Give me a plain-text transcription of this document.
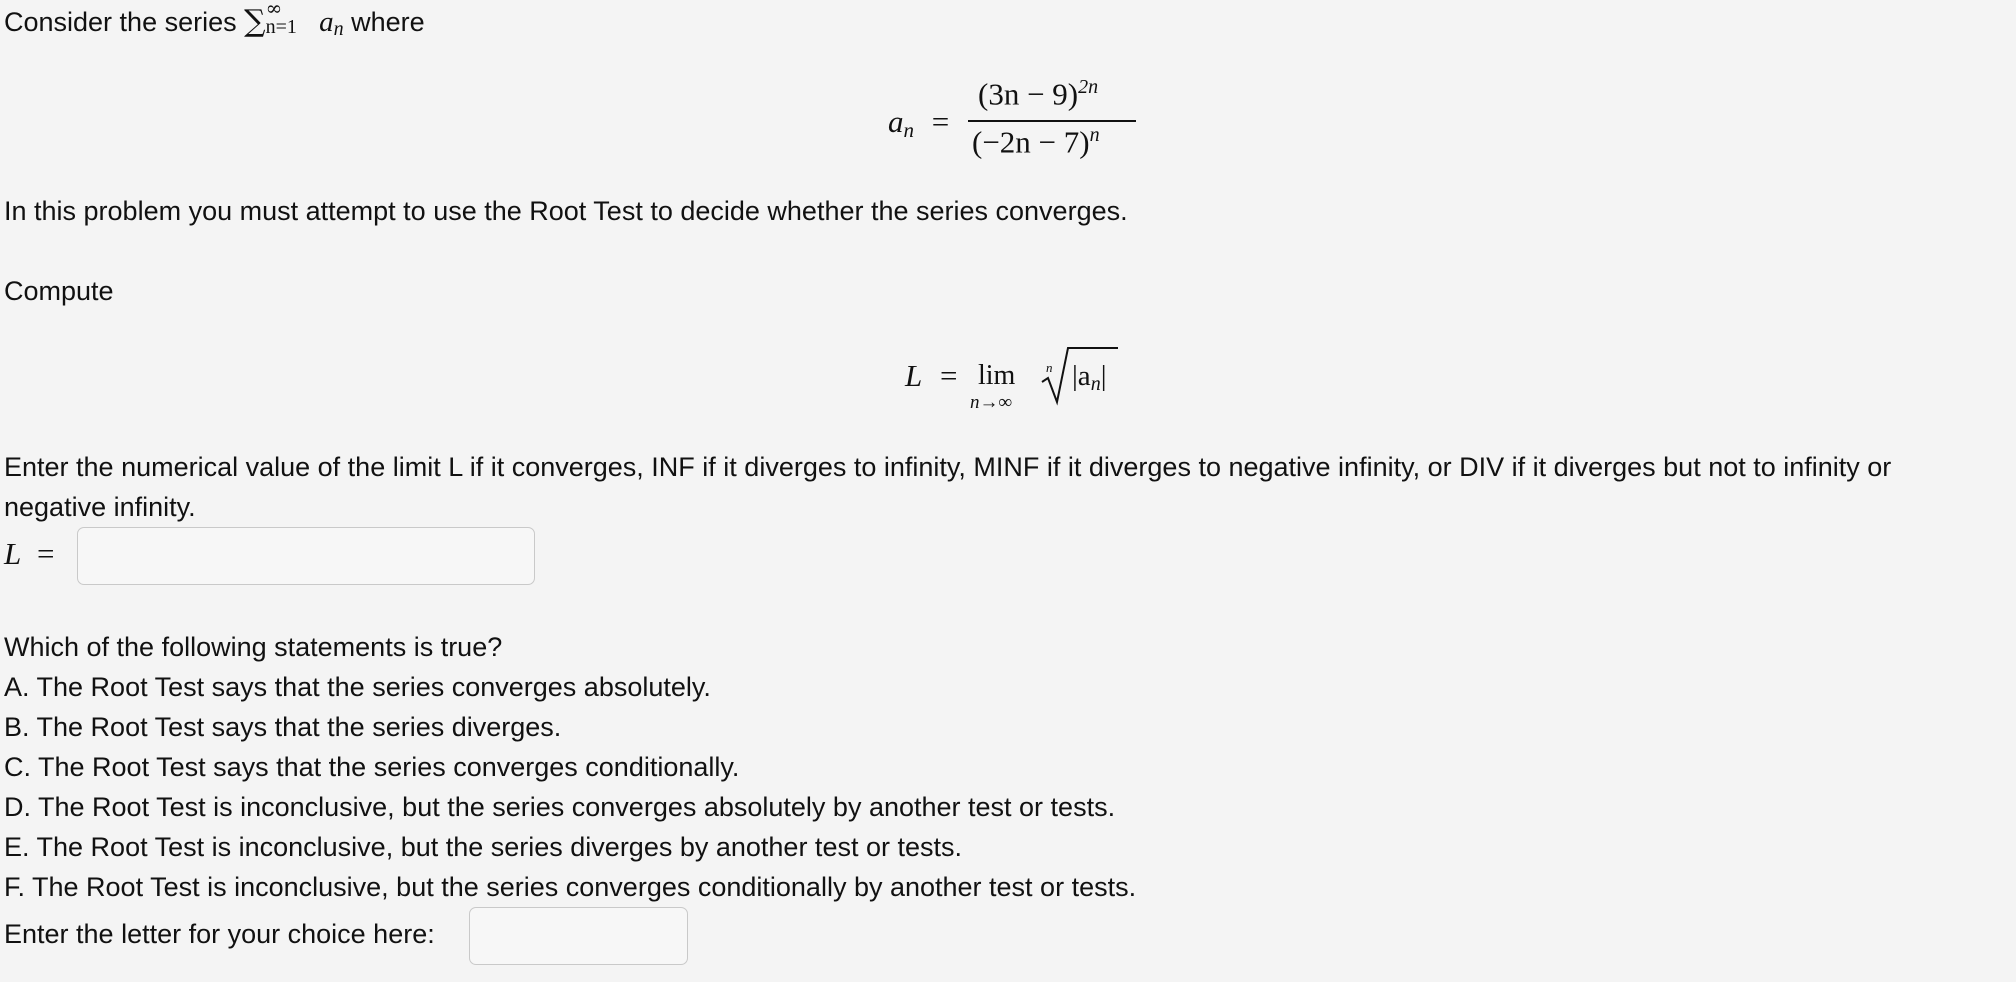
Consider the series ∑ ∞
n=1 an where
an =
$(3n - 9)^{2n}$
$(-2n - 7)^n$
In this problem you must attempt to use the Root Test to decide whether the series converges.
Compute
L = lim
n→∞
n |an|
Enter the numerical value of the limit L if it converges, INF if it diverges to infinity, MINF if it diverges to negative infinity, or DIV if it diverges but not to infinity or
negative infinity.
L =
Which of the following statements is true?
A. The Root Test says that the series converges absolutely.
B. The Root Test says that the series diverges.
C. The Root Test says that the series converges conditionally.
D. The Root Test is inconclusive, but the series converges absolutely by another test or tests.
E. The Root Test is inconclusive, but the series diverges by another test or tests.
F. The Root Test is inconclusive, but the series converges conditionally by another test or tests.
Enter the letter for your choice here:
